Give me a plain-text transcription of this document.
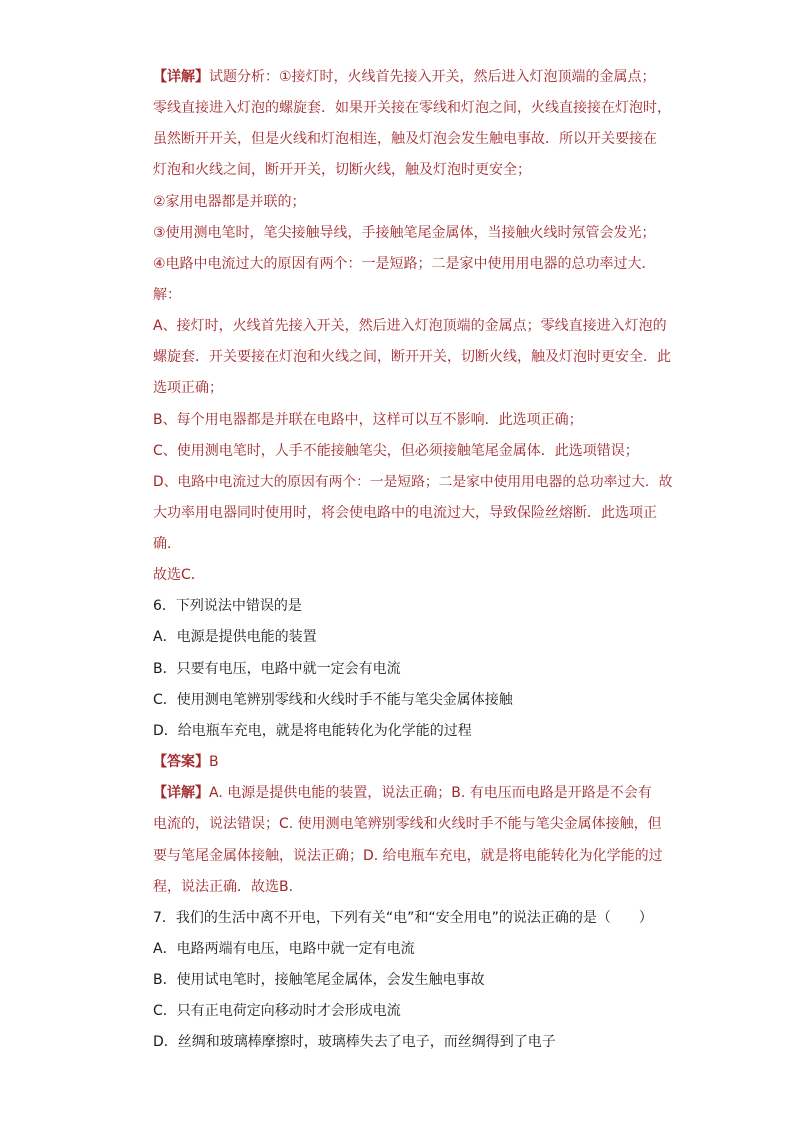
【详解】试题分析：①接灯时，火线首先接入开关，然后进入灯泡顶端的金属点；

零线直接进入灯泡的螺旋套．如果开关接在零线和灯泡之间，火线直接接在灯泡时，

虽然断开开关，但是火线和灯泡相连，触及灯泡会发生触电事故．所以开关要接在

灯泡和火线之间，断开开关，切断火线，触及灯泡时更安全；

②家用电器都是并联的；

③使用测电笔时，笔尖接触导线，手接触笔尾金属体，当接触火线时氖管会发光；

④电路中电流过大的原因有两个：一是短路；二是家中使用用电器的总功率过大．

解：

A、接灯时，火线首先接入开关，然后进入灯泡顶端的金属点；零线直接进入灯泡的

螺旋套．开关要接在灯泡和火线之间，断开开关，切断火线，触及灯泡时更安全．此

选项正确；

B、每个用电器都是并联在电路中，这样可以互不影响．此选项正确；

C、使用测电笔时，人手不能接触笔尖，但必须接触笔尾金属体．此选项错误；

D、电路中电流过大的原因有两个：一是短路；二是家中使用用电器的总功率过大．故

大功率用电器同时使用时，将会使电路中的电流过大，导致保险丝熔断．此选项正

确．

故选C．

6．下列说法中错误的是

A．电源是提供电能的装置

B．只要有电压，电路中就一定会有电流

C．使用测电笔辨别零线和火线时手不能与笔尖金属体接触

D．给电瓶车充电，就是将电能转化为化学能的过程

【答案】B

【详解】A. 电源是提供电能的装置，说法正确；B. 有电压而电路是开路是不会有

电流的，说法错误；C. 使用测电笔辨别零线和火线时手不能与笔尖金属体接触，但

要与笔尾金属体接触，说法正确；D. 给电瓶车充电，就是将电能转化为化学能的过

程，说法正确．故选B.

7．我们的生活中离不开电，下列有关“电”和“安全用电”的说法正确的是（　　）

A．电路两端有电压，电路中就一定有电流

B．使用试电笔时，接触笔尾金属体，会发生触电事故

C．只有正电荷定向移动时才会形成电流

D．丝绸和玻璃棒摩擦时，玻璃棒失去了电子，而丝绸得到了电子
